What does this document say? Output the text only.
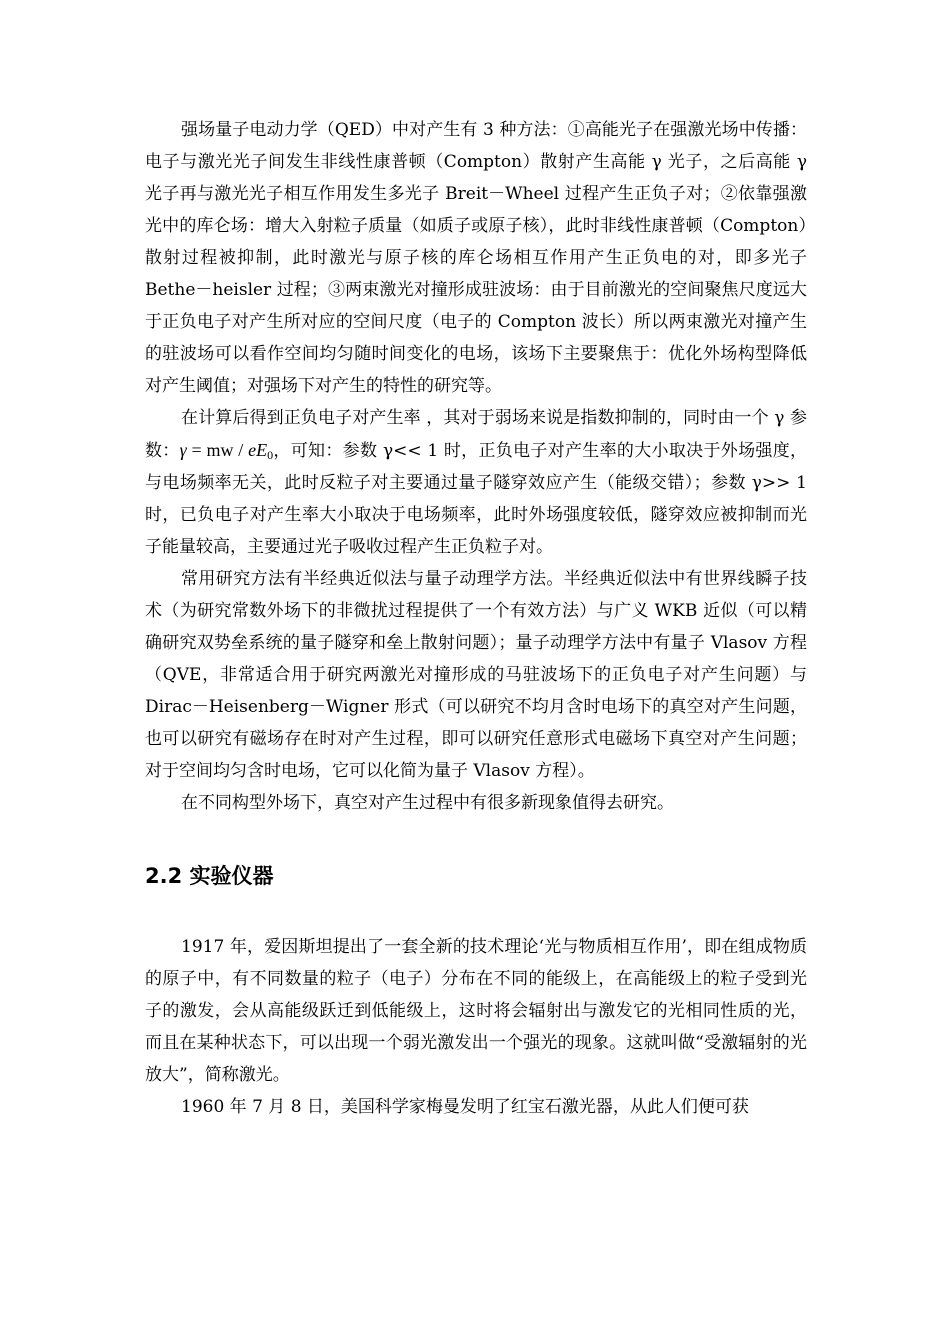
强场量子电动力学（QED）中对产生有 3 种方法：①高能光子在强激光场中传播：电子与激光光子间发生非线性康普顿（Compton）散射产生高能 γ 光子，之后高能 γ 光子再与激光光子相互作用发生多光子 Breit－Wheel 过程产生正负子对；②依靠强激光中的库仑场：增大入射粒子质量（如质子或原子核），此时非线性康普顿（Compton）散射过程被抑制，此时激光与原子核的库仑场相互作用产生正负电的对，即多光子 Bethe－heisler 过程；③两束激光对撞形成驻波场：由于目前激光的空间聚焦尺度远大于正负电子对产生所对应的空间尺度（电子的 Compton 波长）所以两束激光对撞产生的驻波场可以看作空间均匀随时间变化的电场，该场下主要聚焦于：优化外场构型降低对产生阈值；对强场下对产生的特性的研究等。

在计算后得到正负电子对产生率 ，其对于弱场来说是指数抑制的，同时由一个 γ 参数：γ = mw / $eE_0$，可知：参数 γ<< 1 时，正负电子对产生率的大小取决于外场强度，与电场频率无关，此时反粒子对主要通过量子隧穿效应产生（能级交错）；参数 γ>> 1 时，已负电子对产生率大小取决于电场频率，此时外场强度较低，隧穿效应被抑制而光子能量较高，主要通过光子吸收过程产生正负粒子对。

常用研究方法有半经典近似法与量子动理学方法。半经典近似法中有世界线瞬子技术（为研究常数外场下的非微扰过程提供了一个有效方法）与广义 WKB 近似（可以精确研究双势垒系统的量子隧穿和垒上散射问题）；量子动理学方法中有量子 Vlasov 方程（QVE，非常适合用于研究两激光对撞形成的马驻波场下的正负电子对产生问题）与 Dirac－Heisenberg－Wigner 形式（可以研究不均月含时电场下的真空对产生问题，也可以研究有磁场存在时对产生过程，即可以研究任意形式电磁场下真空对产生问题；对于空间均匀含时电场，它可以化简为量子 Vlasov 方程）。

在不同构型外场下，真空对产生过程中有很多新现象值得去研究。

2.2 实验仪器

1917 年，爱因斯坦提出了一套全新的技术理论‘光与物质相互作用’，即在组成物质的原子中，有不同数量的粒子（电子）分布在不同的能级上，在高能级上的粒子受到光子的激发，会从高能级跃迁到低能级上，这时将会辐射出与激发它的光相同性质的光，而且在某种状态下，可以出现一个弱光激发出一个强光的现象。这就叫做“受激辐射的光放大”，简称激光。

1960 年 7 月 8 日，美国科学家梅曼发明了红宝石激光器，从此人们便可获
